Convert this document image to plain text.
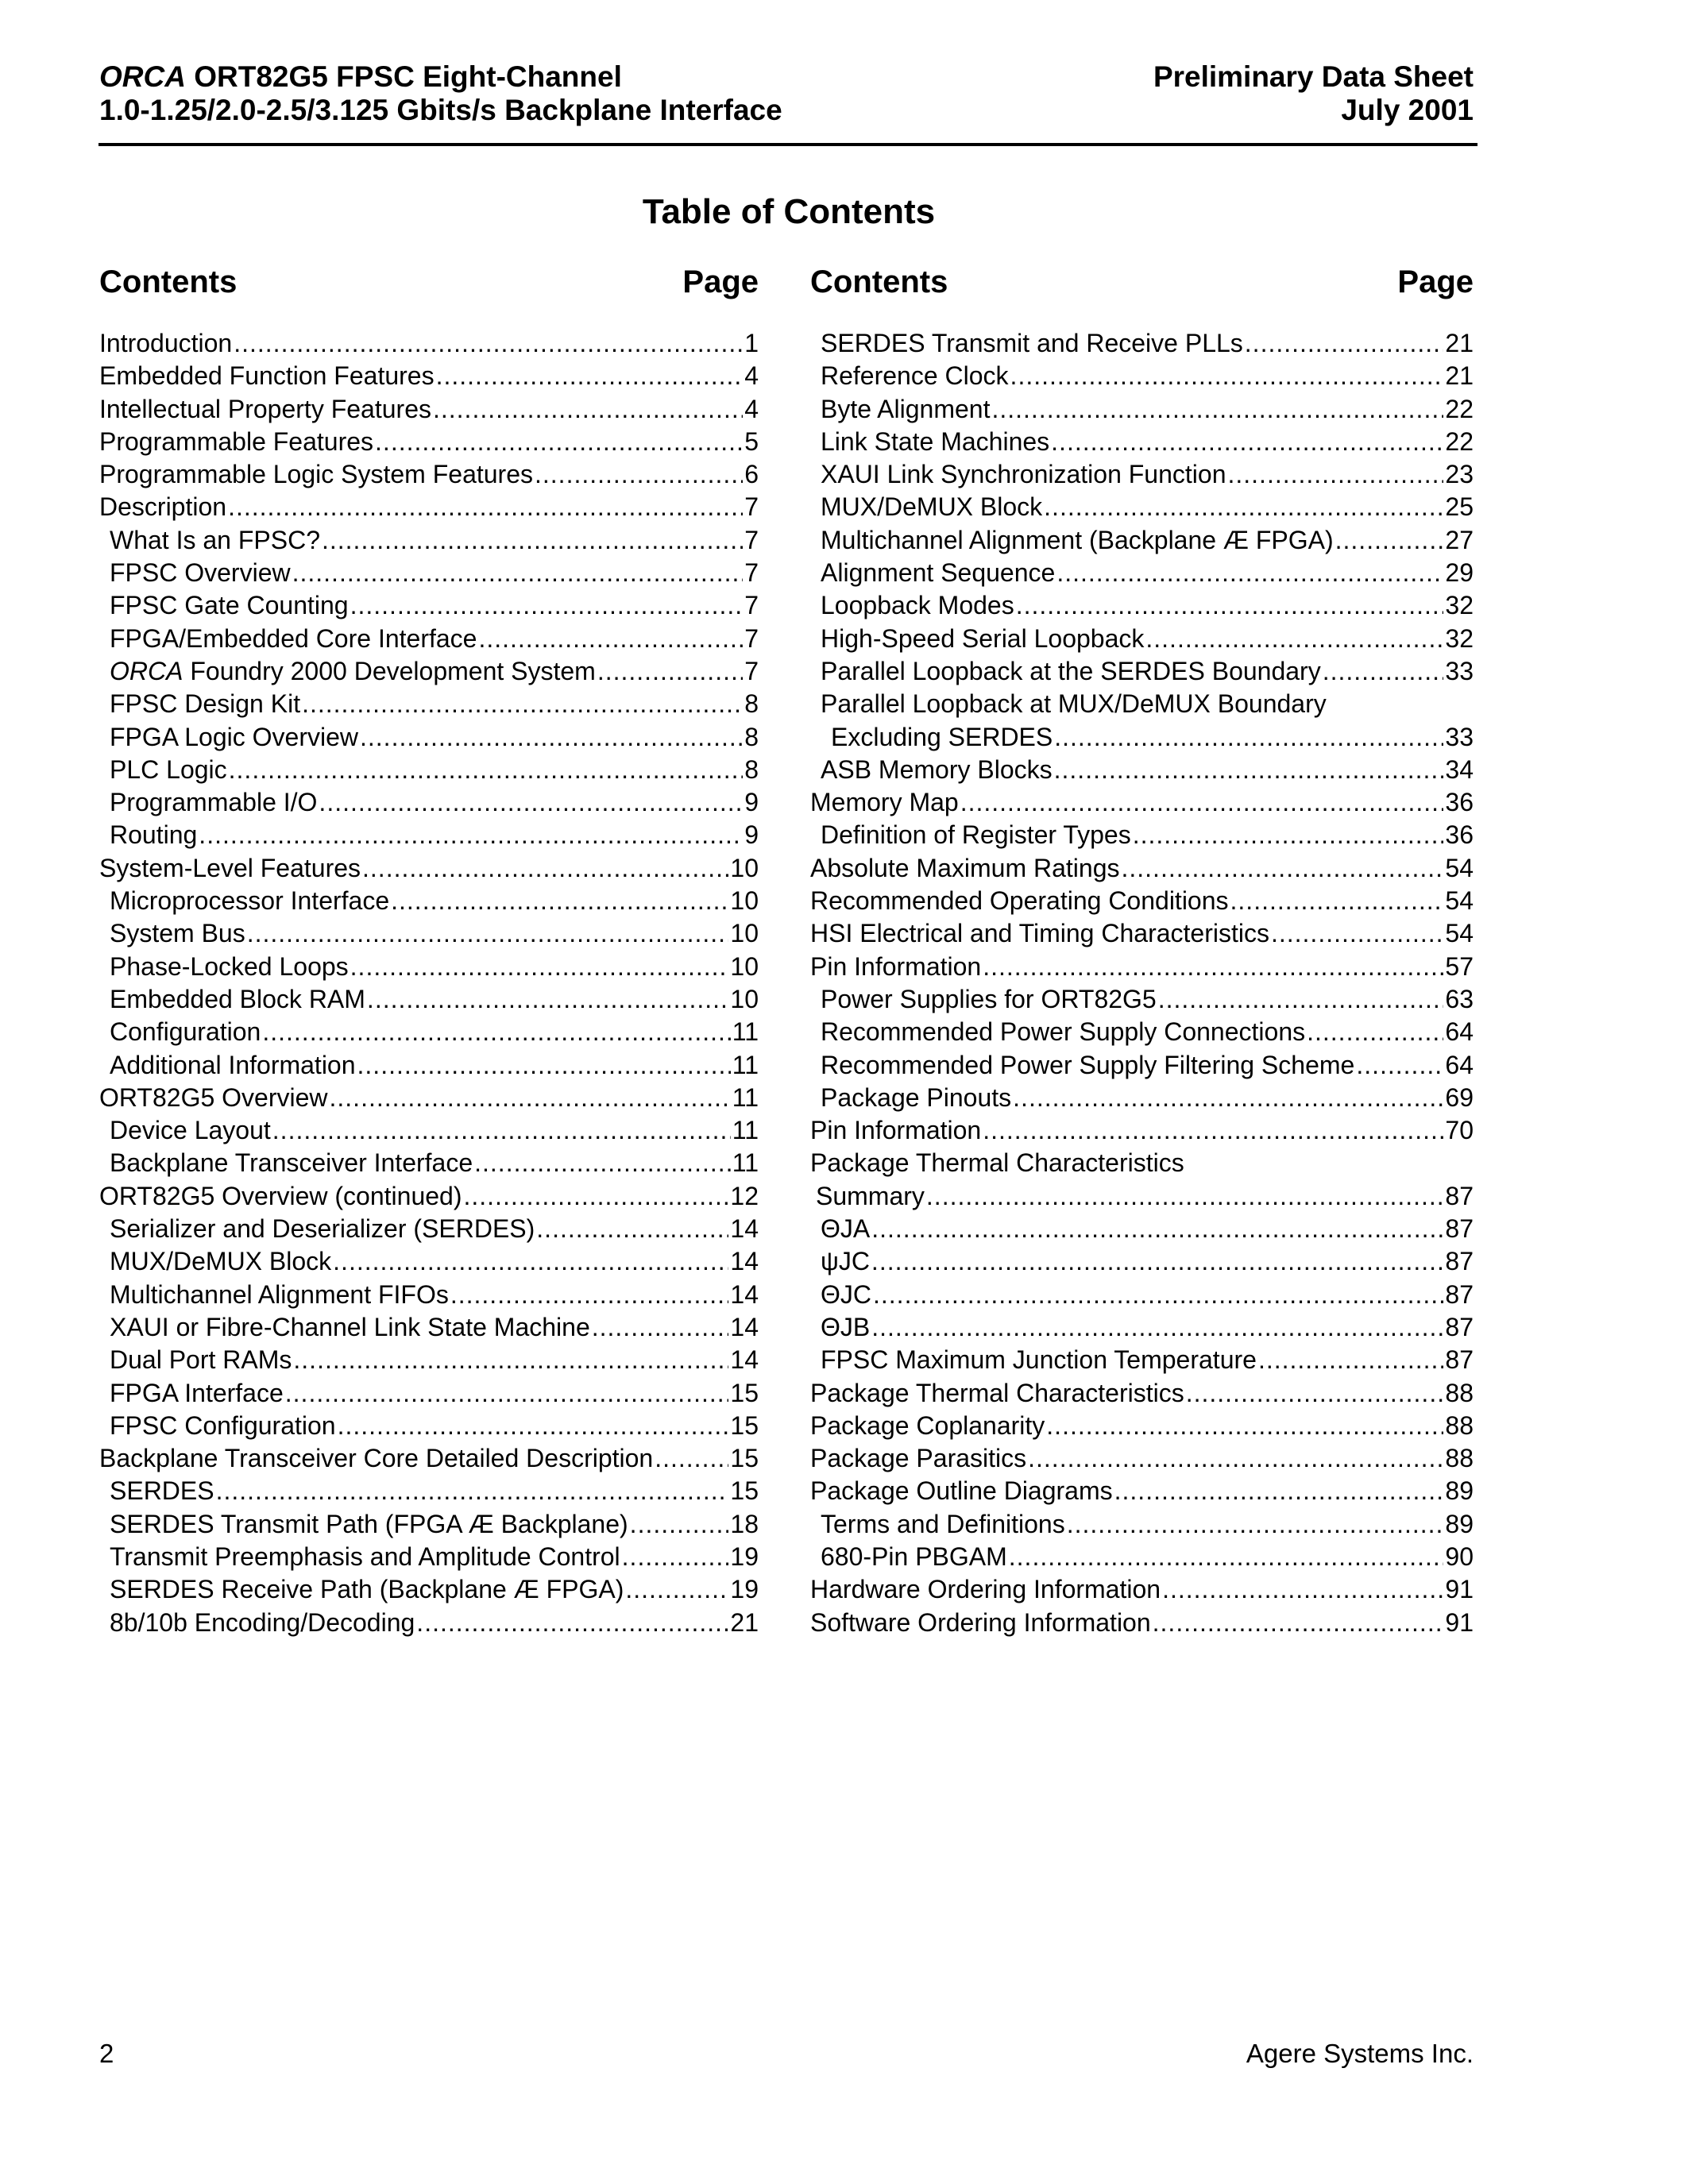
ORCA ORT82G5 FPSC Eight-Channel
1.0-1.25/2.0-2.5/3.125 Gbits/s Backplane Interface
Preliminary Data Sheet
July 2001
Table of Contents
Contents	Page
Introduction .....	1
Embedded Function Features .....	4
Intellectual Property Features .....	4
Programmable Features .....	5
Programmable Logic System Features .....	6
Description .....	7
What Is an FPSC? .....	7
FPSC Overview .....	7
FPSC Gate Counting .....	7
FPGA/Embedded Core Interface .....	7
ORCA Foundry 2000 Development System .....	7
FPSC Design Kit .....	8
FPGA Logic Overview .....	8
PLC Logic .....	8
Programmable I/O .....	9
Routing .....	9
System-Level Features .....	10
Microprocessor Interface .....	10
System Bus .....	10
Phase-Locked Loops .....	10
Embedded Block RAM .....	10
Configuration .....	11
Additional Information .....	11
ORT82G5 Overview .....	11
Device Layout .....	11
Backplane Transceiver Interface .....	11
ORT82G5 Overview (continued) .....	12
Serializer and Deserializer (SERDES) .....	14
MUX/DeMUX Block .....	14
Multichannel Alignment FIFOs .....	14
XAUI or Fibre-Channel Link State Machine .....	14
Dual Port RAMs .....	14
FPGA Interface .....	15
FPSC Configuration .....	15
Backplane Transceiver Core Detailed Description .....	15
SERDES .....	15
SERDES Transmit Path (FPGA Æ Backplane) .....	18
Transmit Preemphasis and Amplitude Control .....	19
SERDES Receive Path (Backplane Æ FPGA) .....	19
8b/10b Encoding/Decoding .....	21
Contents	Page
SERDES Transmit and Receive PLLs .....	21
Reference Clock .....	21
Byte Alignment .....	22
Link State Machines .....	22
XAUI Link Synchronization Function .....	23
MUX/DeMUX Block .....	25
Multichannel Alignment (Backplane Æ FPGA) .....	27
Alignment Sequence .....	29
Loopback Modes .....	32
High-Speed Serial Loopback .....	32
Parallel Loopback at the SERDES Boundary .....	33
Parallel Loopback at MUX/DeMUX Boundary
Excluding SERDES .....	33
ASB Memory Blocks .....	34
Memory Map .....	36
Definition of Register Types .....	36
Absolute Maximum Ratings .....	54
Recommended Operating Conditions .....	54
HSI Electrical and Timing Characteristics .....	54
Pin Information .....	57
Power Supplies for ORT82G5 .....	63
Recommended Power Supply Connections .....	64
Recommended Power Supply Filtering Scheme .....	64
Package Pinouts .....	69
Pin Information .....	70
Package Thermal Characteristics
Summary .....	87
ΘJA .....	87
ψJC .....	87
ΘJC .....	87
ΘJB .....	87
FPSC Maximum Junction Temperature .....	87
Package Thermal Characteristics .....	88
Package Coplanarity .....	88
Package Parasitics .....	88
Package Outline Diagrams .....	89
Terms and Definitions .....	89
680-Pin PBGAM .....	90
Hardware Ordering Information .....	91
Software Ordering Information .....	91
2	Agere Systems Inc.
